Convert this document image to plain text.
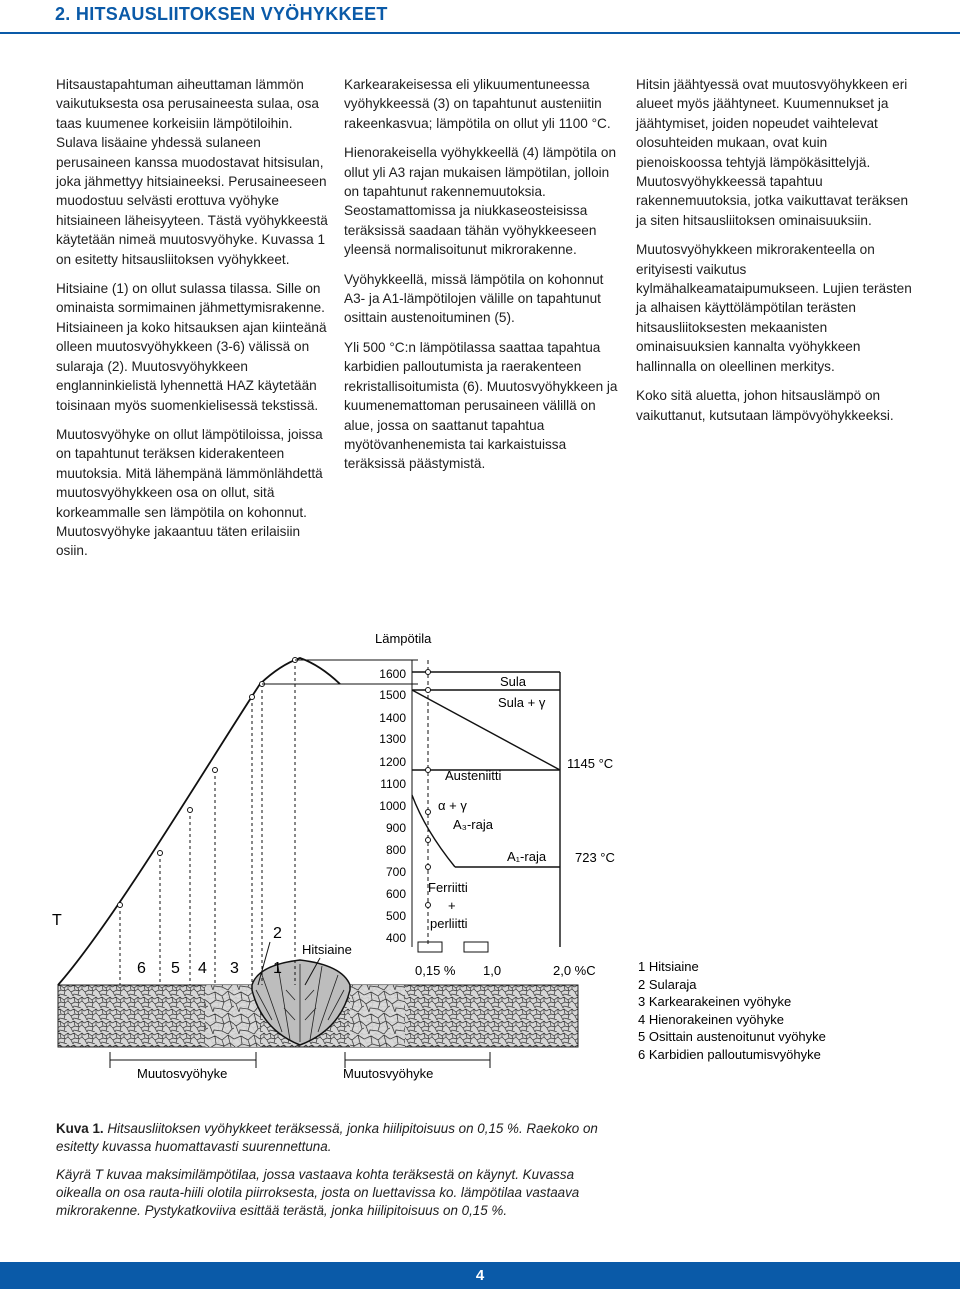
2. HITSAUSLIITOKSEN VYÖHYKKEET

Hitsaustapahtuman aiheuttaman lämmön vaikutuksesta osa perusaineesta sulaa, osa taas kuumenee korkeisiin lämpötiloihin. Sulava lisäaine yhdessä sulaneen perusaineen kanssa muodostavat hitsisulan, joka jähmettyy hitsiaineeksi. Perusaineeseen muodostuu selvästi erottuva vyöhyke hitsiaineen läheisyyteen. Tästä vyöhykkeestä käytetään nimeä muutosvyöhyke. Kuvassa 1 on esitetty hitsausliitoksen vyöhykkeet.

Hitsiaine (1) on ollut sulassa tilassa. Sille on ominaista sormimainen jähmettymisrakenne. Hitsiaineen ja koko hitsauksen ajan kiinteänä olleen muutosvyöhykkeen (3-6) välissä on sularaja (2). Muutosvyöhykkeen englanninkielistä lyhennettä HAZ käytetään toisinaan myös suomenkielisessä tekstissä.

Muutosvyöhyke on ollut lämpötiloissa, joissa on tapahtunut teräksen kiderakenteen muutoksia. Mitä lähempänä lämmönlähdettä muutosvyöhykkeen osa on ollut, sitä korkeammalle sen lämpötila on kohonnut. Muutosvyöhyke jakaantuu täten erilaisiin osiin.

Karkearakeisessa eli ylikuumentuneessa vyöhykkeessä (3) on tapahtunut austeniitin rakeenkasvua; lämpötila on ollut yli 1100 °C.

Hienorakeisella vyöhykkeellä (4) lämpötila on ollut yli A3 rajan mukaisen lämpötilan, jolloin on tapahtunut rakennemuutoksia. Seostamattomissa ja niukkaseosteisissa teräksissä saadaan tähän vyöhykkeeseen yleensä normalisoitunut mikrorakenne.

Vyöhykkeellä, missä lämpötila on kohonnut A3- ja A1-lämpötilojen välille on tapahtunut osittain austenoituminen (5).

Yli 500 °C:n lämpötilassa saattaa tapahtua karbidien palloutumista ja raerakenteen rekristallisoitumista (6). Muutosvyöhykkeen ja kuumenemattoman perusaineen välillä on alue, jossa on saattanut tapahtua myötövanhenemista tai karkaistuissa teräksissä päästymistä.

Hitsin jäähtyessä ovat muutosvyöhykkeen eri alueet myös jäähtyneet. Kuumennukset ja jäähtymiset, joiden nopeudet vaihtelevat olosuhteiden mukaan, ovat kuin pienoiskoossa tehtyjä lämpökäsittelyjä. Muutosvyöhykkeessä tapahtuu rakennemuutoksia, jotka vaikuttavat teräksen ja siten hitsausliitoksen ominaisuuksiin.

Muutosvyöhykkeen mikrorakenteella on erityisesti vaikutus kylmähalkeamataipumukseen. Lujien terästen ja alhaisen käyttölämpötilan terästen hitsausliitoksesten mekaanisten ominaisuuksien kannalta vyöhykkeen hallinnalla on oleellinen merkitys.

Koko sitä aluetta, johon hitsauslämpö on vaikuttanut, kutsutaan lämpövyöhykkeeksi.

T
6 5 4 3
2
1
Hitsiaine
Muutosvyöhyke	Muutosvyöhyke
Lämpötila
1600
1500
1400
1300
1200
1100
1000
900
800
700
600
500
400
Sula
Sula + γ
Austeniitti
α + γ
A₃-raja
A₁-raja
Ferriitti
+
perliitti
1145 °C
723 °C
0,15 % 1,0	2,0 %C	1 Hitsiaine
2 Sularaja
3 Karkearakeinen vyöhyke
4 Hienorakeinen vyöhyke
5 Osittain austenoitunut vyöhyke
6 Karbidien palloutumisvyöhyke

Kuva 1. Hitsausliitoksen vyöhykkeet teräksessä, jonka hiilipitoisuus on 0,15 %. Raekoko on esitetty kuvassa huomattavasti suurennettuna.

Käyrä T kuvaa maksimilämpötilaa, jossa vastaava kohta teräksestä on käynyt. Kuvassa oikealla on osa rauta-hiili olotila piirroksesta, josta on luettavissa ko. lämpötilaa vastaava mikrorakenne. Pystykatkoviiva esittää terästä, jonka hiilipitoisuus on 0,15 %.

4
